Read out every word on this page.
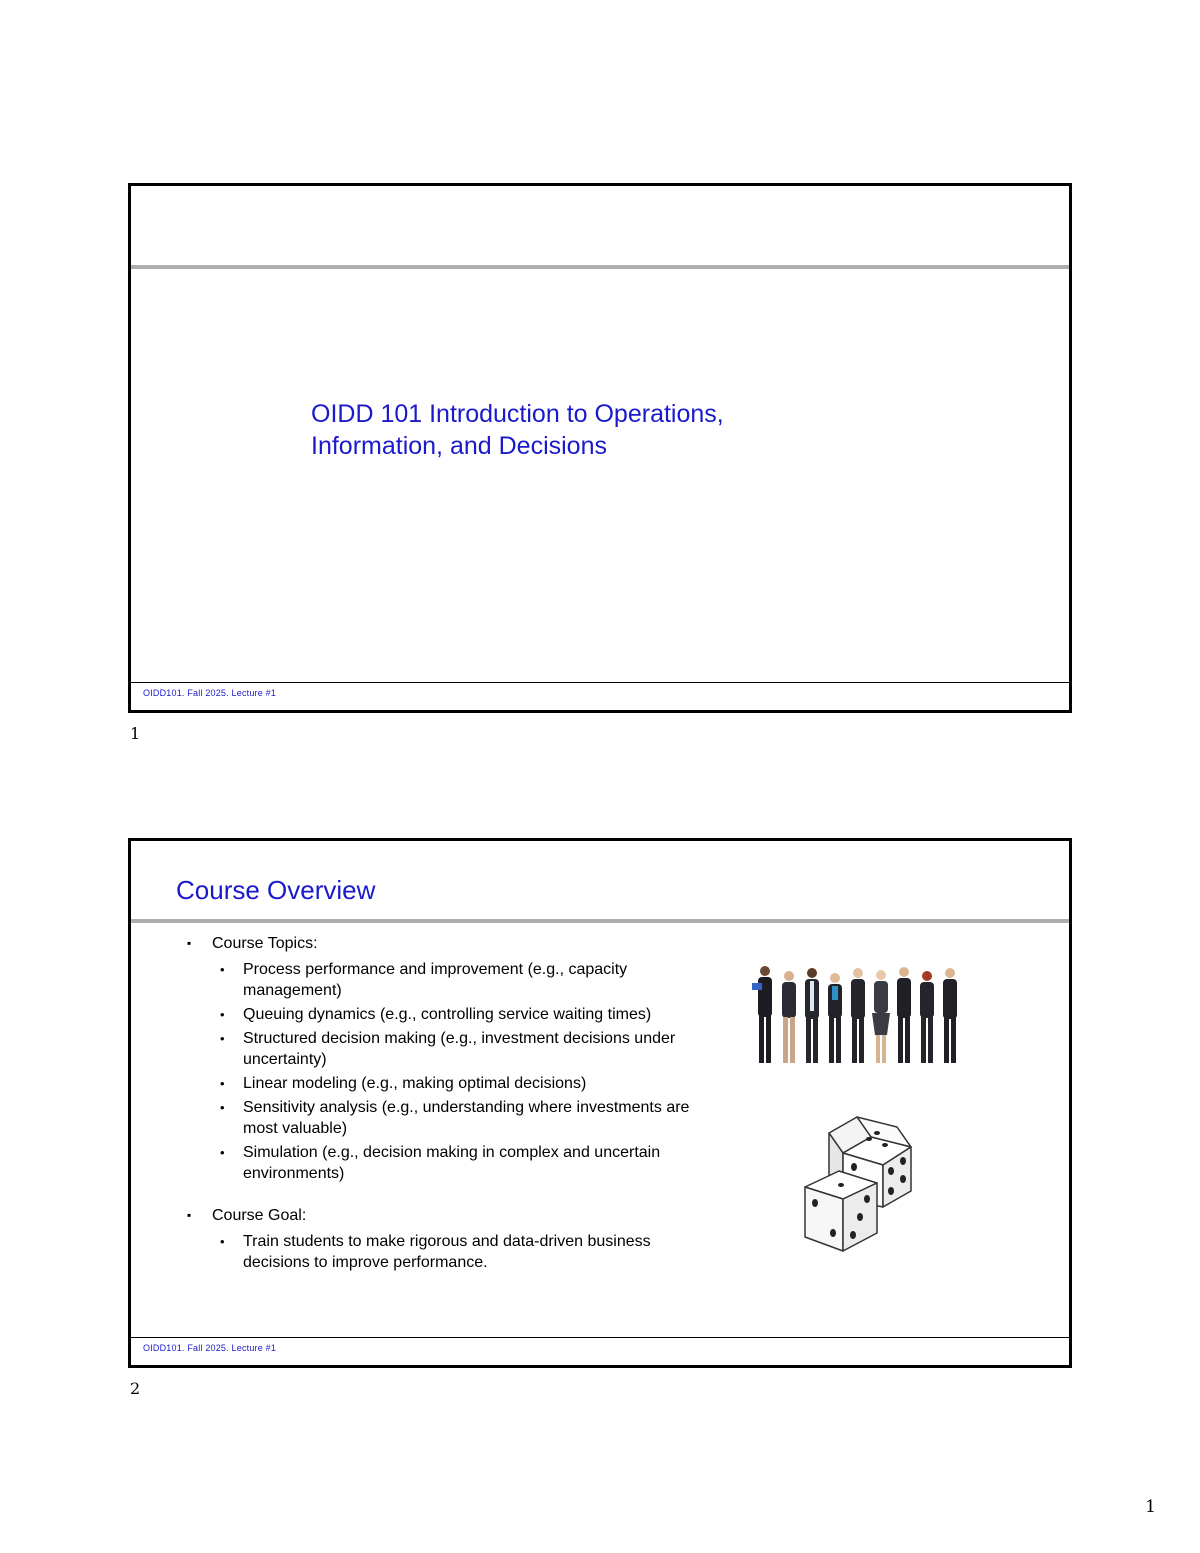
OIDD 101 Introduction to Operations,
Information, and Decisions
OIDD101. Fall 2025. Lecture #1
1
Course Overview
▪ Course Topics:
• Process performance and improvement (e.g., capacity management)
• Queuing dynamics (e.g., controlling service waiting times)
• Structured decision making (e.g., investment decisions under uncertainty)
• Linear modeling (e.g., making optimal decisions)
• Sensitivity analysis (e.g., understanding where investments are most valuable)
• Simulation (e.g., decision making in complex and uncertain environments)
▪ Course Goal:
• Train students to make rigorous and data-driven business decisions to improve performance.
OIDD101. Fall 2025. Lecture #1
2
1
